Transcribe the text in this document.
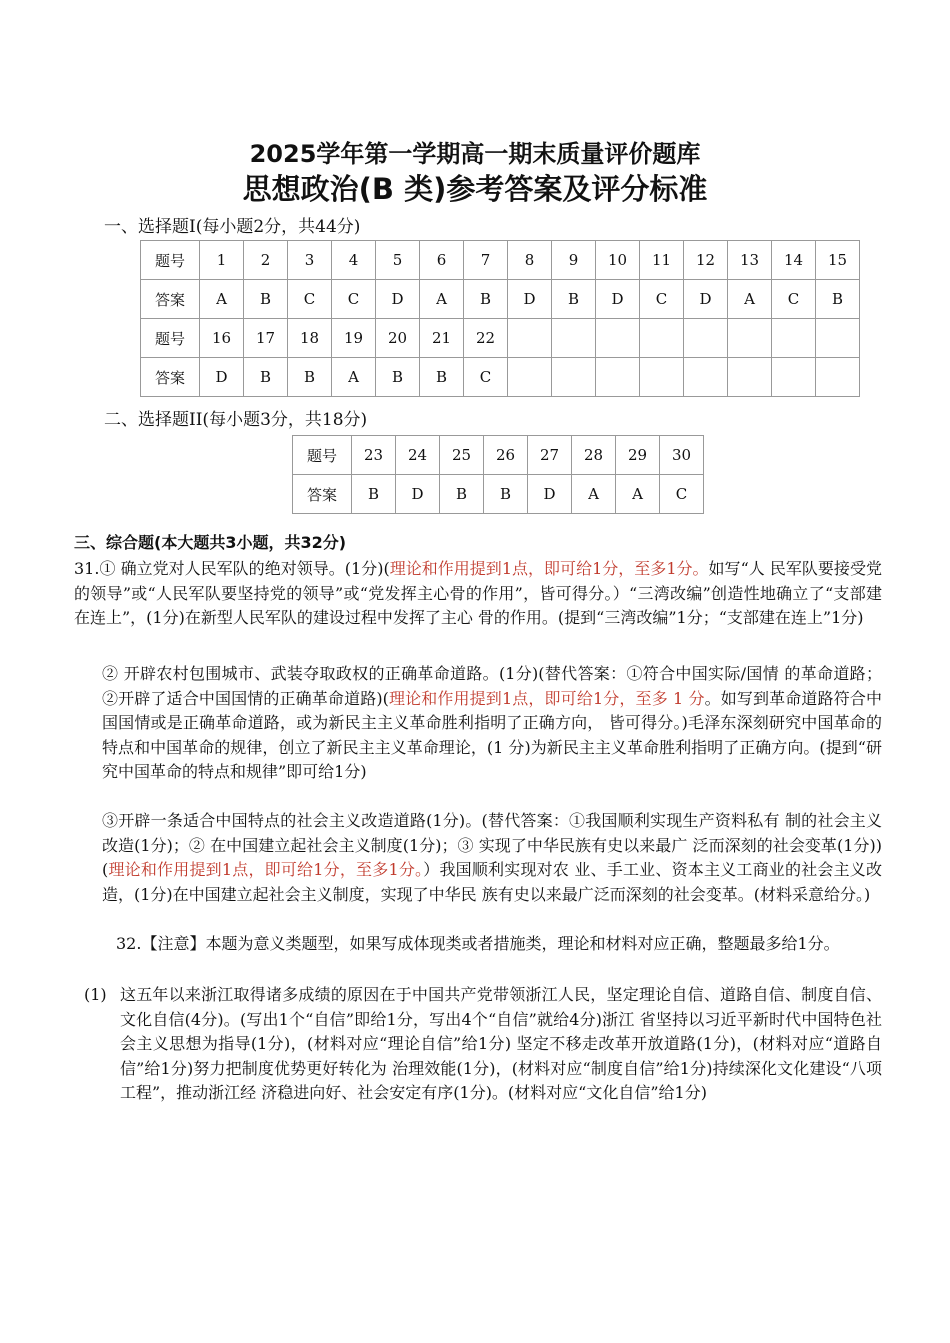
2025学年第一学期高一期末质量评价题库
思想政治(B 类)参考答案及评分标准
一、选择题I(每小题2分，共44分)
题号	1	2	3	4	5	6	7	8	9	10	11	12	13	14	15
答案	A	B	C	C	D	A	B	D	B	D	C	D	A	C	B
题号	16	17	18	19	20	21	22								
答案	D	B	B	A	B	B	C								
二、选择题II(每小题3分，共18分)
题号	23	24	25	26	27	28	29	30
答案	B	D	B	B	D	A	A	C
三、综合题(本大题共3小题，共32分)
31.① 确立党对人民军队的绝对领导。(1分)(理论和作用提到1点，即可给1分，至多1分。如写“人 民军队要接受党的领导”或“人民军队要坚持党的领导”或“党发挥主心骨的作用”，皆可得分。）“三湾改编”创造性地确立了“支部建在连上”，(1分)在新型人民军队的建设过程中发挥了主心 骨的作用。(提到“三湾改编”1分；“支部建在连上”1分)
② 开辟农村包围城市、武装夺取政权的正确革命道路。(1分)(替代答案：①符合中国实际/国情 的革命道路；②开辟了适合中国国情的正确革命道路)(理论和作用提到1点，即可给1分，至多 1 分。如写到革命道路符合中国国情或是正确革命道路，或为新民主主义革命胜利指明了正确方向， 皆可得分。)毛泽东深刻研究中国革命的特点和中国革命的规律，创立了新民主主义革命理论，(1 分)为新民主主义革命胜利指明了正确方向。(提到“研究中国革命的特点和规律”即可给1分)
③开辟一条适合中国特点的社会主义改造道路(1分)。(替代答案：①我国顺利实现生产资料私有 制的社会主义改造(1分)；② 在中国建立起社会主义制度(1分)；③ 实现了中华民族有史以来最广 泛而深刻的社会变革(1分))(理论和作用提到1点，即可给1分，至多1分。）我国顺利实现对农 业、手工业、资本主义工商业的社会主义改造，(1分)在中国建立起社会主义制度，实现了中华民 族有史以来最广泛而深刻的社会变革。(材料采意给分。)
32.【注意】本题为意义类题型，如果写成体现类或者措施类，理论和材料对应正确，整题最多给1分。
(1) 这五年以来浙江取得诸多成绩的原因在于中国共产党带领浙江人民，坚定理论自信、道路自信、制度自信、文化自信(4分)。(写出1个“自信”即给1分，写出4个“自信”就给4分)浙江 省坚持以习近平新时代中国特色社会主义思想为指导(1分)，(材料对应“理论自信”给1分) 坚定不移走改革开放道路(1分)，(材料对应“道路自信”给1分)努力把制度优势更好转化为 治理效能(1分)，(材料对应“制度自信”给1分)持续深化文化建设“八项工程”，推动浙江经 济稳进向好、社会安定有序(1分)。(材料对应“文化自信”给1分)
